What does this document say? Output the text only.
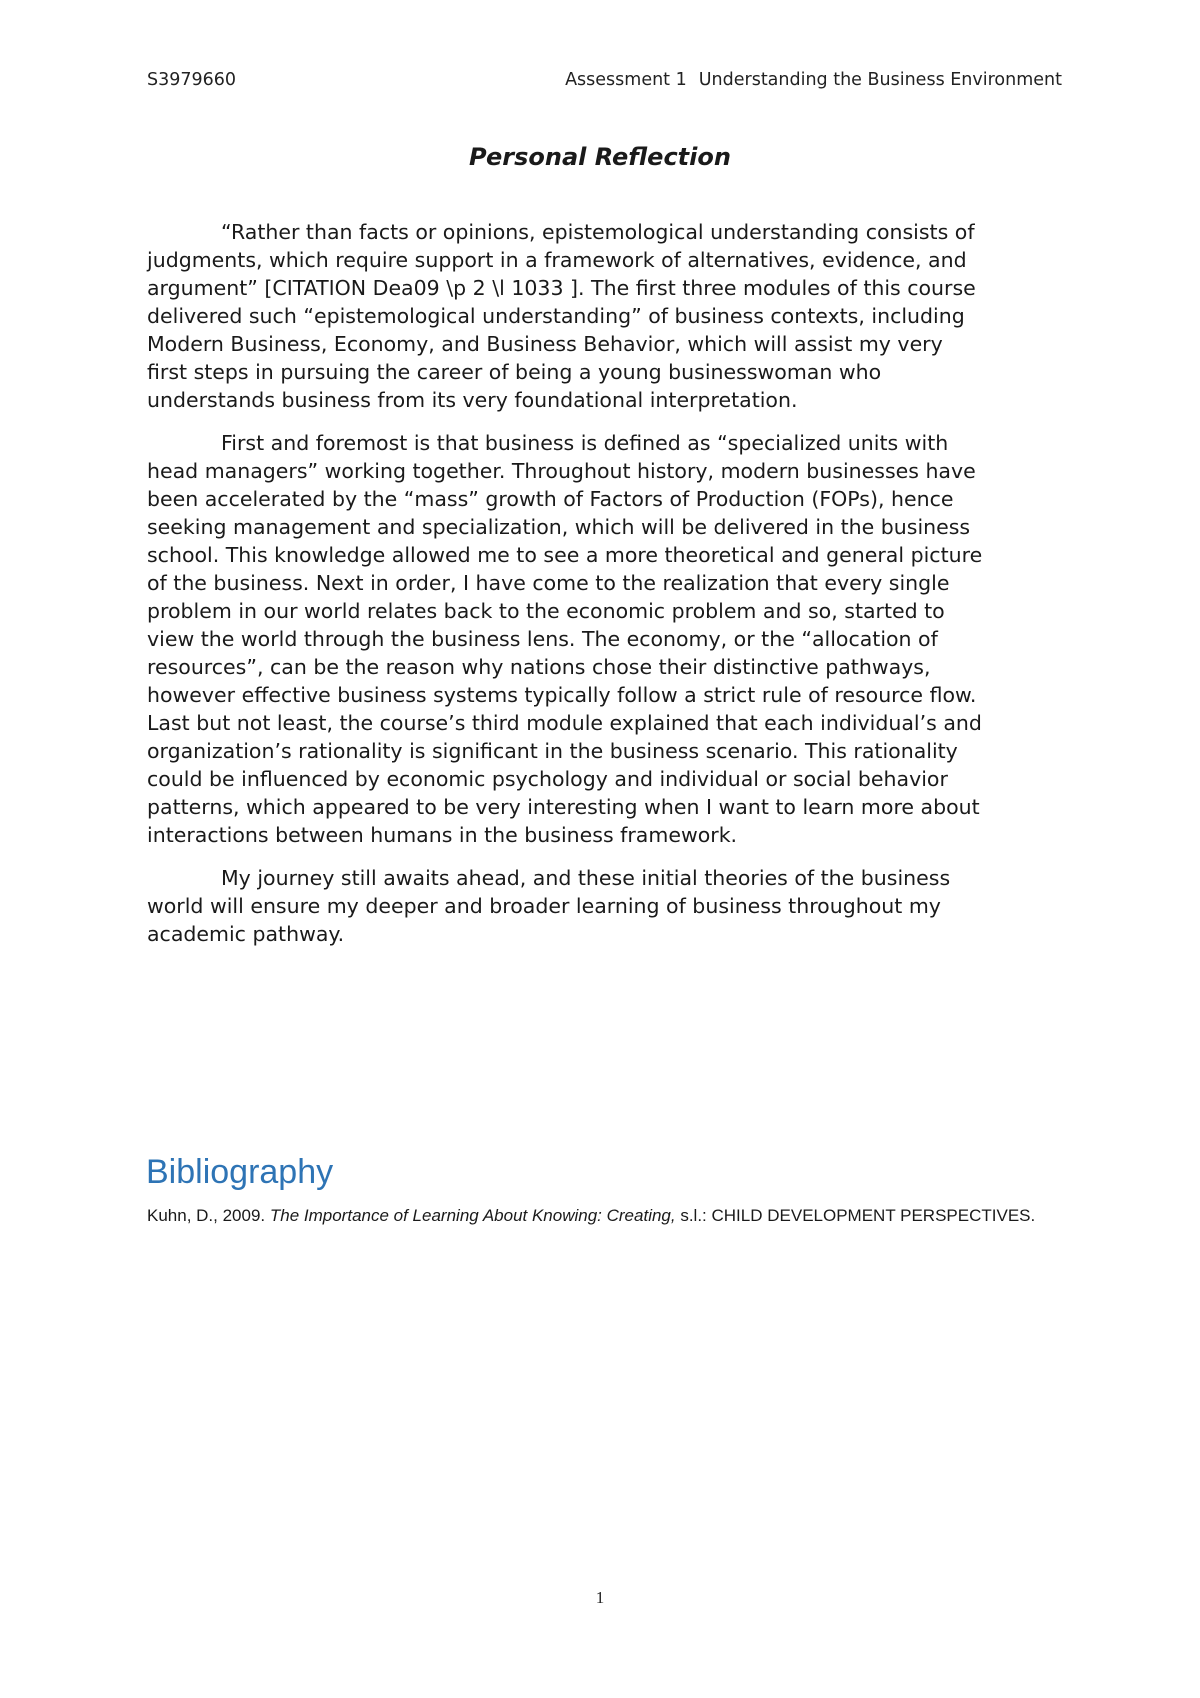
S3979660	Assessment 1 Understanding the Business Environment
Personal Reflection

“Rather than facts or opinions, epistemological understanding consists of
judgments, which require support in a framework of alternatives, evidence, and
argument” [CITATION Dea09 \p 2 \l 1033 ]. The first three modules of this course
delivered such “epistemological understanding” of business contexts, including
Modern Business, Economy, and Business Behavior, which will assist my very
first steps in pursuing the career of being a young businesswoman who
understands business from its very foundational interpretation.

First and foremost is that business is defined as “specialized units with
head managers” working together. Throughout history, modern businesses have
been accelerated by the “mass” growth of Factors of Production (FOPs), hence
seeking management and specialization, which will be delivered in the business
school. This knowledge allowed me to see a more theoretical and general picture
of the business. Next in order, I have come to the realization that every single
problem in our world relates back to the economic problem and so, started to
view the world through the business lens. The economy, or the “allocation of
resources”, can be the reason why nations chose their distinctive pathways,
however effective business systems typically follow a strict rule of resource flow.
Last but not least, the course’s third module explained that each individual’s and
organization’s rationality is significant in the business scenario. This rationality
could be influenced by economic psychology and individual or social behavior
patterns, which appeared to be very interesting when I want to learn more about
interactions between humans in the business framework.

My journey still awaits ahead, and these initial theories of the business
world will ensure my deeper and broader learning of business throughout my
academic pathway.

Bibliography
Kuhn, D., 2009. The Importance of Learning About Knowing: Creating, s.l.: CHILD DEVELOPMENT PERSPECTIVES.
1
